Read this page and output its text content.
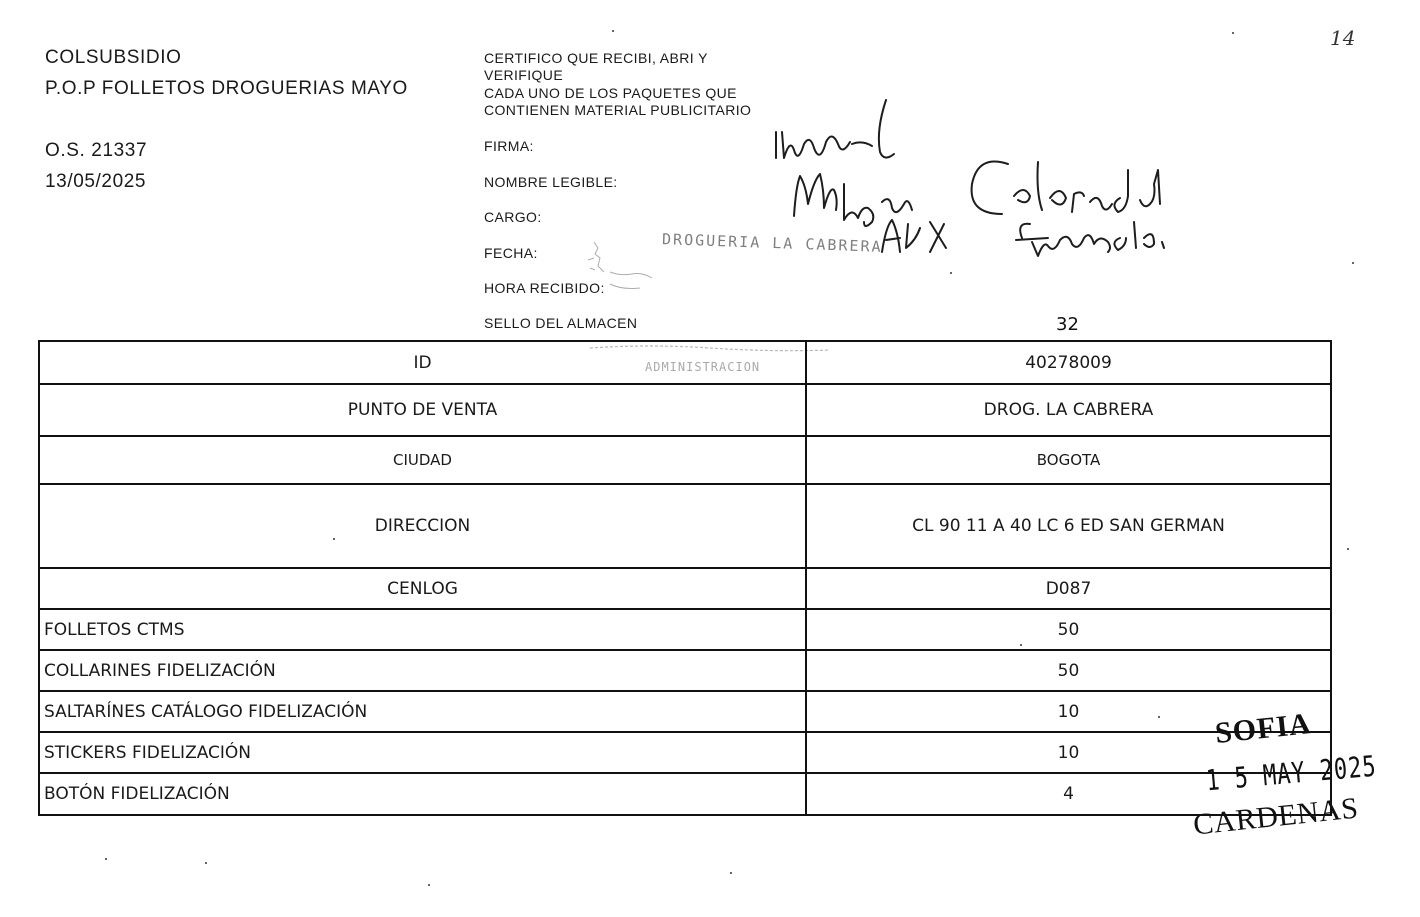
14
COLSUBSIDIO
P.O.P FOLLETOS DROGUERIAS MAYO
O.S. 21337
13/05/2025
CERTIFICO QUE RECIBI, ABRI Y
VERIFIQUE
CADA UNO DE LOS PAQUETES QUE
CONTIENEN MATERIAL PUBLICITARIO
FIRMA:
NOMBRE LEGIBLE:
CARGO:
FECHA:
HORA RECIBIDO:
SELLO DEL ALMACEN	32
DROGUERIA LA CABRERA
ADMINISTRACION
ID	40278009
PUNTO DE VENTA	DROG. LA CABRERA
CIUDAD	BOGOTA
DIRECCION	CL 90 11 A 40 LC 6 ED SAN GERMAN
CENLOG	D087
FOLLETOS CTMS	50
COLLARINES FIDELIZACIÓN	50
SALTARÍNES CATÁLOGO FIDELIZACIÓN	10
STICKERS FIDELIZACIÓN	10
BOTÓN FIDELIZACIÓN	4
SOFIA
1 5 MAY 2025
CARDENAS
